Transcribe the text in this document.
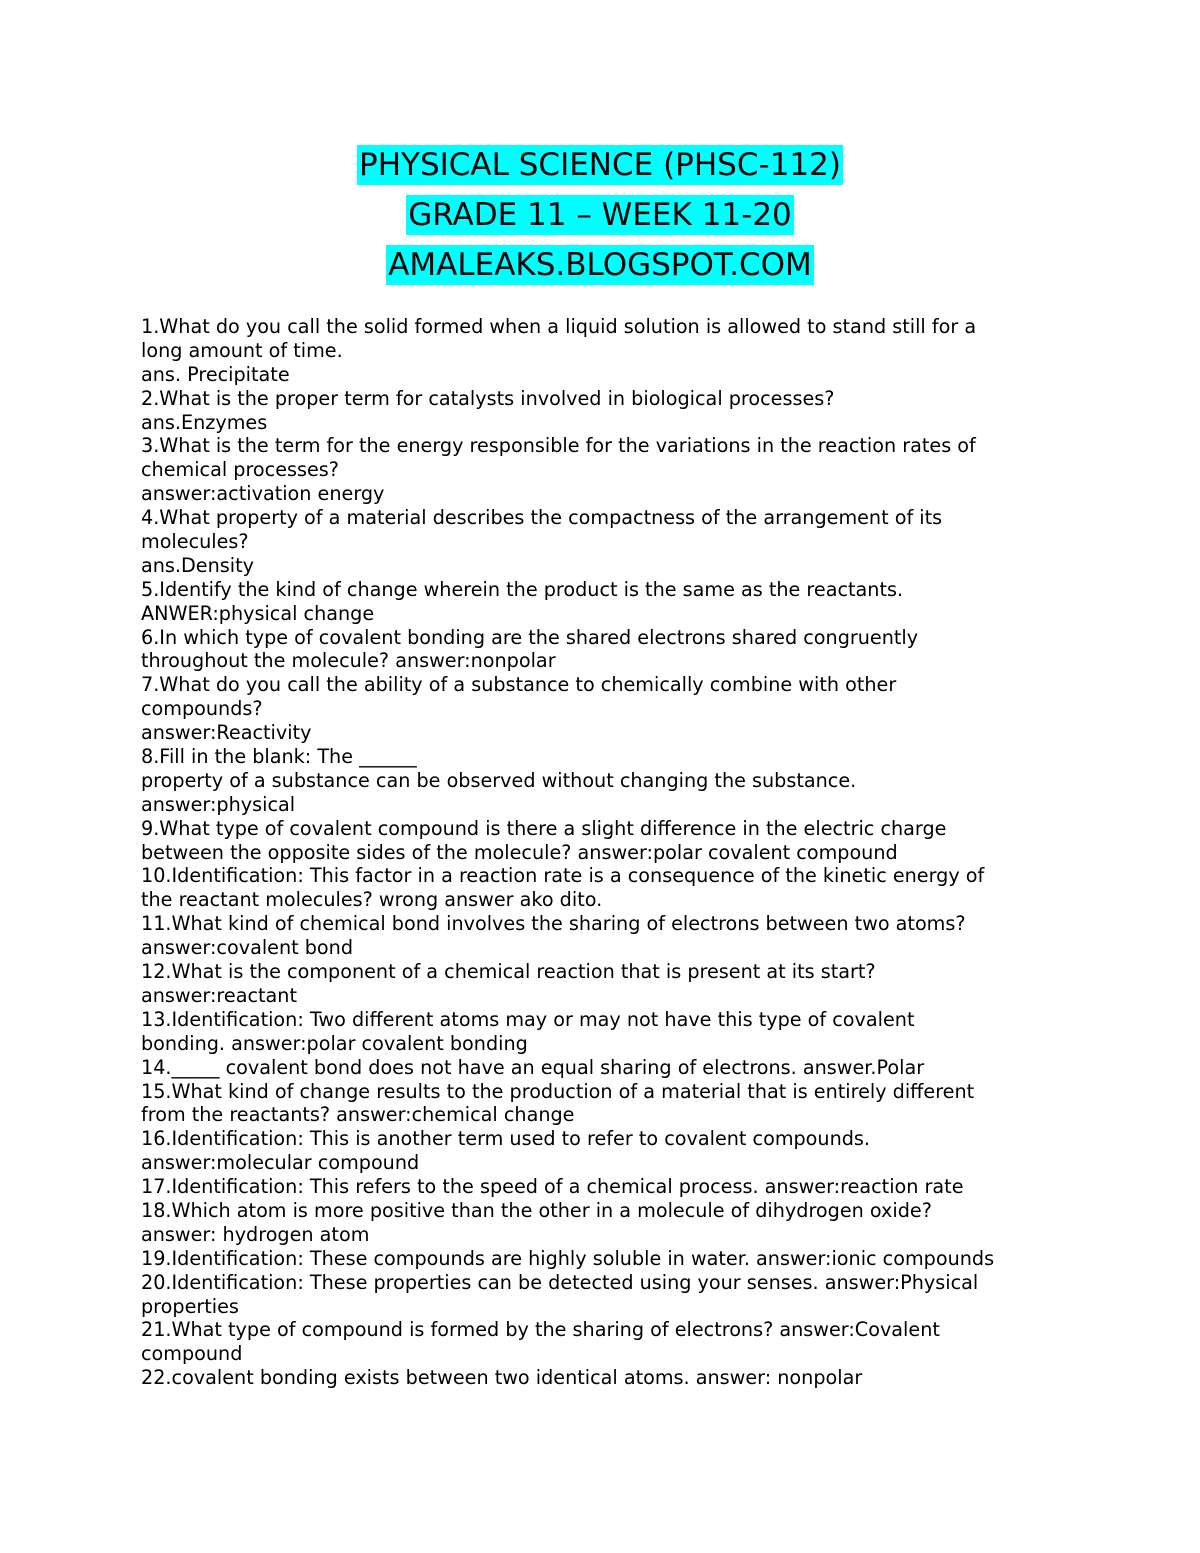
PHYSICAL SCIENCE (PHSC-112)
GRADE 11 – WEEK 11-20
AMALEAKS.BLOGSPOT.COM
1.What do you call the solid formed when a liquid solution is allowed to stand still for a
long amount of time.
ans. Precipitate
2.What is the proper term for catalysts involved in biological processes?
ans.Enzymes
3.What is the term for the energy responsible for the variations in the reaction rates of
chemical processes?
answer:activation energy
4.What property of a material describes the compactness of the arrangement of its
molecules?
ans.Density
5.Identify the kind of change wherein the product is the same as the reactants.
ANWER:physical change
6.In which type of covalent bonding are the shared electrons shared congruently
throughout the molecule? answer:nonpolar
7.What do you call the ability of a substance to chemically combine with other
compounds?
answer:Reactivity
8.Fill in the blank: The ______
property of a substance can be observed without changing the substance.
answer:physical
9.What type of covalent compound is there a slight difference in the electric charge
between the opposite sides of the molecule? answer:polar covalent compound
10.Identification: This factor in a reaction rate is a consequence of the kinetic energy of
the reactant molecules? wrong answer ako dito.
11.What kind of chemical bond involves the sharing of electrons between two atoms?
answer:covalent bond
12.What is the component of a chemical reaction that is present at its start?
answer:reactant
13.Identification: Two different atoms may or may not have this type of covalent
bonding. answer:polar covalent bonding
14._____ covalent bond does not have an equal sharing of electrons. answer.Polar
15.What kind of change results to the production of a material that is entirely different
from the reactants? answer:chemical change
16.Identification: This is another term used to refer to covalent compounds.
answer:molecular compound
17.Identification: This refers to the speed of a chemical process. answer:reaction rate
18.Which atom is more positive than the other in a molecule of dihydrogen oxide?
answer: hydrogen atom
19.Identification: These compounds are highly soluble in water. answer:ionic compounds
20.Identification: These properties can be detected using your senses. answer:Physical
properties
21.What type of compound is formed by the sharing of electrons? answer:Covalent
compound
22.covalent bonding exists between two identical atoms. answer: nonpolar
